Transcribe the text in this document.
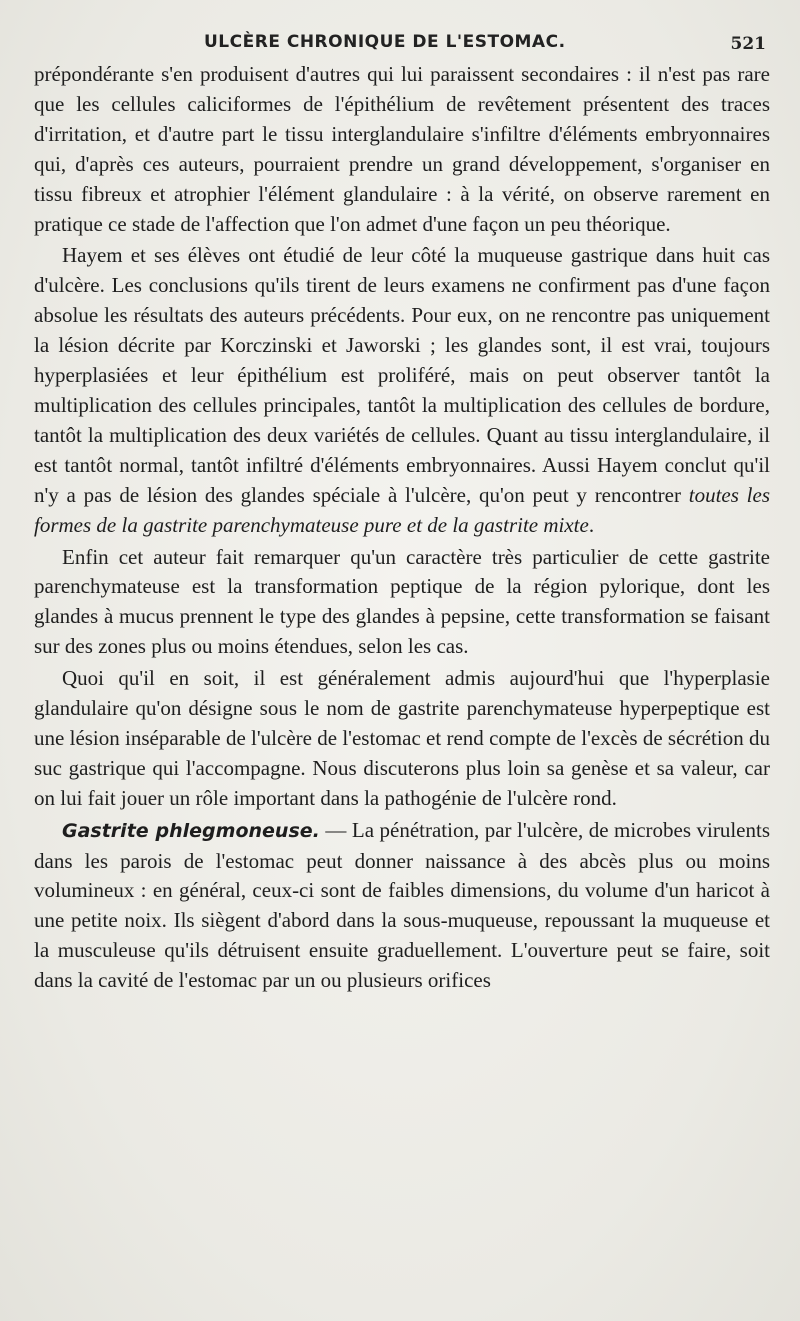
ULCÈRE CHRONIQUE DE L'ESTOMAC.	521

prépondérante s'en produisent d'autres qui lui paraissent secondaires : il n'est pas rare que les cellules caliciformes de l'épithélium de revêtement présentent des traces d'irritation, et d'autre part le tissu interglandulaire s'infiltre d'éléments embryonnaires qui, d'après ces auteurs, pourraient prendre un grand développement, s'organiser en tissu fibreux et atrophier l'élément glandulaire : à la vérité, on observe rarement en pratique ce stade de l'affection que l'on admet d'une façon un peu théorique.

Hayem et ses élèves ont étudié de leur côté la muqueuse gastrique dans huit cas d'ulcère. Les conclusions qu'ils tirent de leurs examens ne confirment pas d'une façon absolue les résultats des auteurs précédents. Pour eux, on ne rencontre pas uniquement la lésion décrite par Korczinski et Jaworski ; les glandes sont, il est vrai, toujours hyperplasiées et leur épithélium est proliféré, mais on peut observer tantôt la multiplication des cellules principales, tantôt la multiplication des cellules de bordure, tantôt la multiplication des deux variétés de cellules. Quant au tissu interglandulaire, il est tantôt normal, tantôt infiltré d'éléments embryonnaires. Aussi Hayem conclut qu'il n'y a pas de lésion des glandes spéciale à l'ulcère, qu'on peut y rencontrer toutes les formes de la gastrite parenchymateuse pure et de la gastrite mixte.

Enfin cet auteur fait remarquer qu'un caractère très particulier de cette gastrite parenchymateuse est la transformation peptique de la région pylorique, dont les glandes à mucus prennent le type des glandes à pepsine, cette transformation se faisant sur des zones plus ou moins étendues, selon les cas.

Quoi qu'il en soit, il est généralement admis aujourd'hui que l'hyperplasie glandulaire qu'on désigne sous le nom de gastrite parenchymateuse hyperpeptique est une lésion inséparable de l'ulcère de l'estomac et rend compte de l'excès de sécrétion du suc gastrique qui l'accompagne. Nous discuterons plus loin sa genèse et sa valeur, car on lui fait jouer un rôle important dans la pathogénie de l'ulcère rond.

Gastrite phlegmoneuse. — La pénétration, par l'ulcère, de microbes virulents dans les parois de l'estomac peut donner naissance à des abcès plus ou moins volumineux : en général, ceux-ci sont de faibles dimensions, du volume d'un haricot à une petite noix. Ils siègent d'abord dans la sous-muqueuse, repoussant la muqueuse et la musculeuse qu'ils détruisent ensuite graduellement. L'ouverture peut se faire, soit dans la cavité de l'estomac par un ou plusieurs orifices
